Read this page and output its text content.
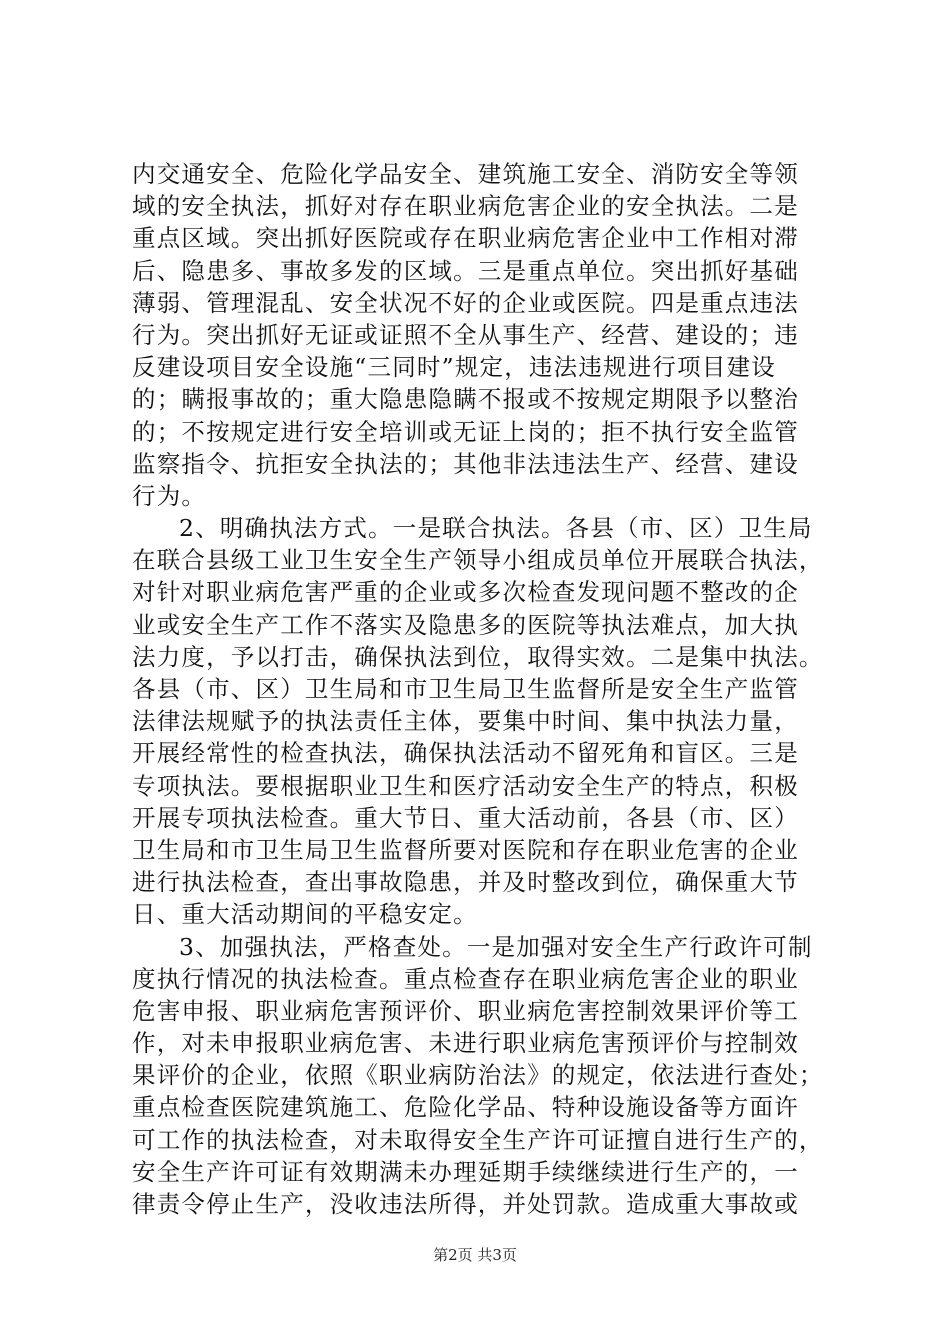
内交通安全、危险化学品安全、建筑施工安全、消防安全等领
域的安全执法，抓好对存在职业病危害企业的安全执法。二是
重点区域。突出抓好医院或存在职业病危害企业中工作相对滞
后、隐患多、事故多发的区域。三是重点单位。突出抓好基础
薄弱、管理混乱、安全状况不好的企业或医院。四是重点违法
行为。突出抓好无证或证照不全从事生产、经营、建设的；违
反建设项目安全设施“三同时”规定，违法违规进行项目建设
的；瞒报事故的；重大隐患隐瞒不报或不按规定期限予以整治
的；不按规定进行安全培训或无证上岗的；拒不执行安全监管
监察指令、抗拒安全执法的；其他非法违法生产、经营、建设
行为。
2、明确执法方式。一是联合执法。各县（市、区）卫生局
在联合县级工业卫生安全生产领导小组成员单位开展联合执法，
对针对职业病危害严重的企业或多次检查发现问题不整改的企
业或安全生产工作不落实及隐患多的医院等执法难点，加大执
法力度，予以打击，确保执法到位，取得实效。二是集中执法。
各县（市、区）卫生局和市卫生局卫生监督所是安全生产监管
法律法规赋予的执法责任主体，要集中时间、集中执法力量，
开展经常性的检查执法，确保执法活动不留死角和盲区。三是
专项执法。要根据职业卫生和医疗活动安全生产的特点，积极
开展专项执法检查。重大节日、重大活动前，各县（市、区）
卫生局和市卫生局卫生监督所要对医院和存在职业危害的企业
进行执法检查，查出事故隐患，并及时整改到位，确保重大节
日、重大活动期间的平稳安定。
3、加强执法，严格查处。一是加强对安全生产行政许可制
度执行情况的执法检查。重点检查存在职业病危害企业的职业
危害申报、职业病危害预评价、职业病危害控制效果评价等工
作，对未申报职业病危害、未进行职业病危害预评价与控制效
果评价的企业，依照《职业病防治法》的规定，依法进行查处；
重点检查医院建筑施工、危险化学品、特种设施设备等方面许
可工作的执法检查，对未取得安全生产许可证擅自进行生产的，
安全生产许可证有效期满未办理延期手续继续进行生产的，一
律责令停止生产，没收违法所得，并处罚款。造成重大事故或
第2页 共3页
